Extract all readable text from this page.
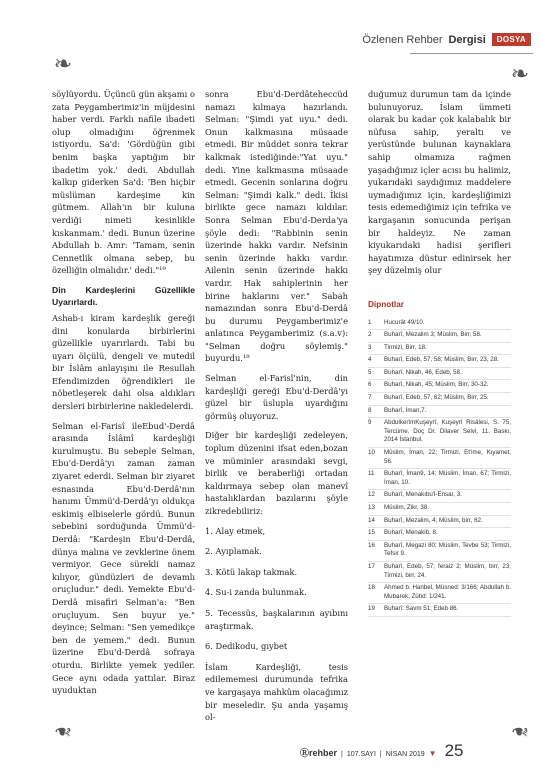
Özlenen Rehber Dergisi	DOSYA
❧	❧
❧	❧

söylüyordu. Üçüncü gün akşamı o zata Peygamberimiz'in müjdesini haber verdi. Farklı nafile ibadeti olup olmadığını öğrenmek istiyordu. Sa'd: 'Gördüğün gibi benim başka yaptığım bir ibadetim yok.' dedi. Abdullah kalkıp giderken Sa'd: 'Ben hiçbir müslüman kardeşime kin gütmem. Allah'ın bir kuluna verdiği nimeti kesinlikle kıskanmam.' dedi. Bunun üzerine Abdullah b. Amr: 'Tamam, senin Cennetlik olmana sebep, bu özelliğin olmalıdır.' dedi."¹⁹

Din Kardeşlerini Güzellikle Uyarırlardı.

Ashab-ı kiram kardeşlik gereği dini konularda birbirlerini güzellikle uyarırlardı. Tabi bu uyarı ölçülü, dengeli ve mutedil bir İslâm anlayışını ile Resullah Efendimizden öğrendikleri ile nöbetleşerek dahi olsa aldıkları dersleri birbirlerine nakledelerdi.

Selman el-Farisî ileEbud'-Derdâ arasında İslâmî kardeşliği kurulmuştu. Bu sebeple Selman, Ebu'd-Derdâ'yı zaman zaman ziyaret ederdi. Selman bir ziyaret esnasında Ebu'd-Derdâ'nın hanımı Ümmü'd-Derdâ'yı oldukça eskimiş elbiselerle gördü. Bunun sebebini sorduğunda Ümmü'd-Derdâ: "Kardeşin Ebu'd-Derdâ, dünya malına ve zevklerine önem vermiyor. Gece sürekli namaz kılıyor, gündüzleri de devamlı oruçludur." dedi. Yemekte Ebu'd-Derdâ misafiri Selman'a: "Ben oruçluyum. Sen buyur ye." deyince; Selman: "Sen yemedikçe ben de yemem." dedi. Bunun üzerine Ebu'd-Derdâ sofraya oturdu. Birlikte yemek yediler. Gece aynı odada yattılar. Biraz uyuduktan

sonra Ebu'd-Derdâteheccüd namazı kılmaya hazırlandı. Selman: "Şimdi yat uyu." dedi. Onun kalkmasına müsaade etmedi. Bir müddet sonra tekrar kalkmak istediğinde:"Yat uyu." dedi. Yine kalkmasına müsaade etmedi. Gecenin sonlarına doğru Selman: "Şimdi kalk." dedi. İkisi birlikte gece namazı kıldılar. Sonra Selman Ebu'd-Derda'ya şöyle dedi: "Rabbinin senin üzerinde hakkı vardır. Nefsinin senin üzerinde hakkı vardır. Ailenin senin üzerinde hakkı vardır. Hak sahiplerinin her birine haklarını ver." Sabah namazından sonra Ebu'd-Derdâ bu durumu Peygamberimiz'e anlatınca Peygamberimiz (s.a.v): "Selman doğru söylemiş." buyurdu.¹⁹

Selman el-Farisî'nin, din kardeşliği gereği Ebu'd-Derdâ'yı güzel bir üslupla uyardığını görmüş oluyoruz.

Diğer bir kardeşliği zedeleyen, toplum düzenini ifsat eden,bozan ve müminler arasındaki sevgi, birlik ve beraberliği ortadan kaldırmaya sebep olan manevî hastalıklardan bazılarını şöyle zikredebiliriz:

1. Alay etmek,
2. Ayıplamak.
3. Kötü lakap takmak.
4. Su-i zanda bulunmak.
5. Tecessüs, başkalarının ayıbını araştırmak.
6. Dedikodu, gıybet

İslam Kardeşliği, tesis edilememesi durumunda tefrika ve kargaşaya mahkûm olacağımız bir meseledir. Şu anda yaşamış ol-

duğumuz durumun tam da içinde bulunuyoruz. İslam ümmeti olarak bu kadar çok kalabalık bir nüfusa sahip, yeraltı ve yerüstünde bulunan kaynaklara sahip olmamıza rağmen yaşadığımız içler acısı bu halimiz, yukarıdaki saydığımız maddelere uymadığımız için, kardeşliğimizi tesis edemediğimiz için tefrika ve kargaşanın sonucunda perişan bir haldeyiz. Ne zaman kiyukarıdaki hadisi şerifleri hayatımıza düstur edinirsek her şey düzelmiş olur

Dipnotlar
1	Hucurât 49/10.
2	Buharî, Mezalim 3; Müslim, Birr, 58.
3	Tirmizi, Birr, 18.
4	Buharî, Edeb, 57, 58; Müslim, Birr, 23, 28.
5	Buharî, Nikah, 46, Edeb, 58.
6	Buharî, Nikah, 45; Müslim, Birr, 30-32.
7	Buharî, Edeb, 57, 62; Müslim, Birr, 25.
8	Buharî, İman,7.
9	AbdulkerîmKuşeyrî, Kuşeyrî Risâlesi, S. 75, Tercüme, Doç Dr. Dilaver Selvi, 11. Baskı, 2014 İstanbul.
10	Müslim, İman, 22; Tirmizi, Et'ime, Kıyamet, 56.
11	Buharî, İman9, 14; Müslim, İman, 67; Tirmizi, İman, 10.
12	Buharî, Menakıbu'l-Ensar, 3.
13	Müslim, Zikr, 38.
14	Buharî, Mezalim, 4; Müslim, birr, 62.
15	Buharî, Menakib, 8.
16	Buharî, Megazi 80; Müslim, Tevbe 53; Tirmizi, Tefsir 9.
17	Buharî, Edeb, 57; feraiz 2; Müslim, birr, 23; Tirmizi, birr, 24.
18	Ahmed b. Hanbel, Müsned: 3/166; Abdullah b. Mubarek, Zühd: 1/241.
19	Buharî: Savm 51; Edeb 86.
Ⓡrehber | 107.SAYI | NİSAN 2019 ▼ 25
